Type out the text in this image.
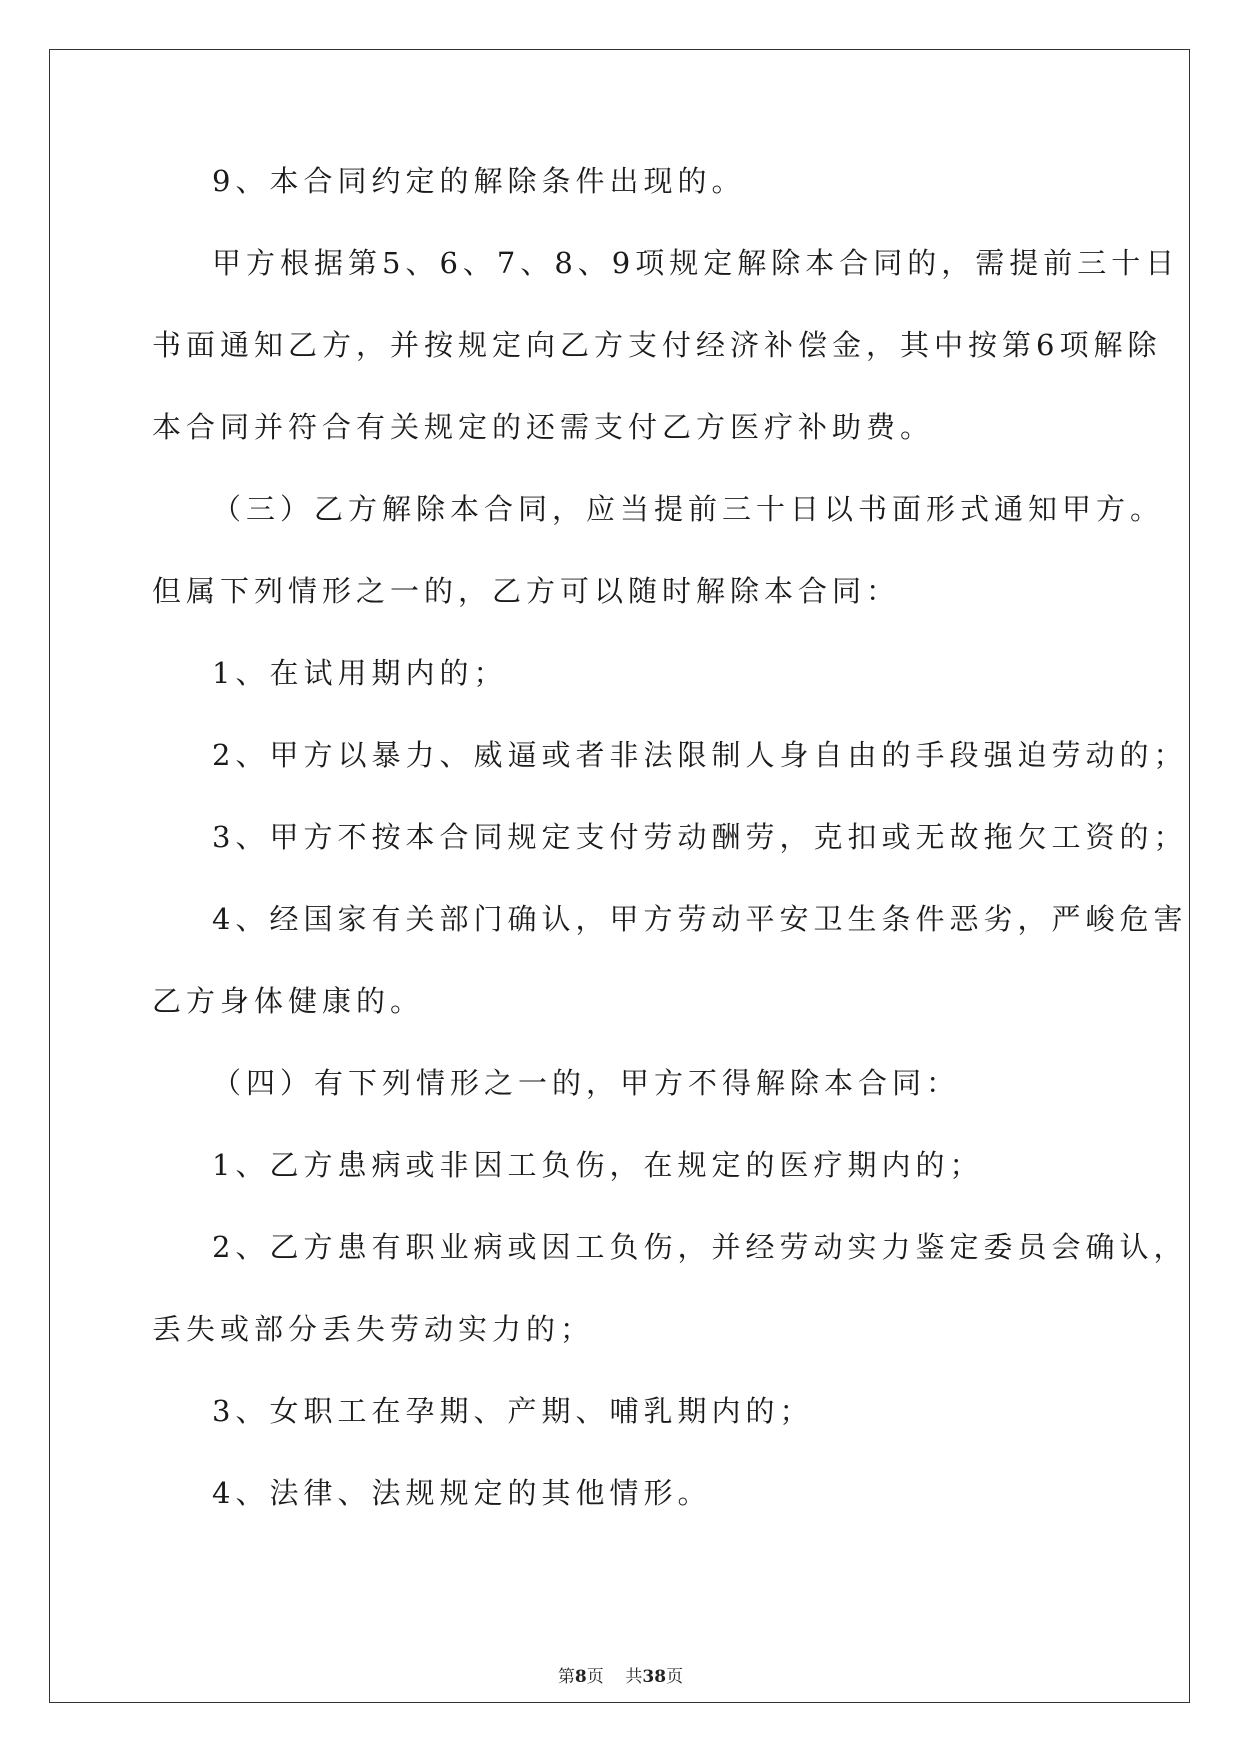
9、本合同约定的解除条件出现的。

甲方根据第5、6、7、8、9项规定解除本合同的，需提前三十日

书面通知乙方，并按规定向乙方支付经济补偿金，其中按第6项解除

本合同并符合有关规定的还需支付乙方医疗补助费。

（三）乙方解除本合同，应当提前三十日以书面形式通知甲方。

但属下列情形之一的，乙方可以随时解除本合同：

1、在试用期内的；

2、甲方以暴力、威逼或者非法限制人身自由的手段强迫劳动的；

3、甲方不按本合同规定支付劳动酬劳，克扣或无故拖欠工资的；

4、经国家有关部门确认，甲方劳动平安卫生条件恶劣，严峻危害

乙方身体健康的。

（四）有下列情形之一的，甲方不得解除本合同：

1、乙方患病或非因工负伤，在规定的医疗期内的；

2、乙方患有职业病或因工负伤，并经劳动实力鉴定委员会确认，

丢失或部分丢失劳动实力的；

3、女职工在孕期、产期、哺乳期内的；

4、法律、法规规定的其他情形。

第8页 共38页
